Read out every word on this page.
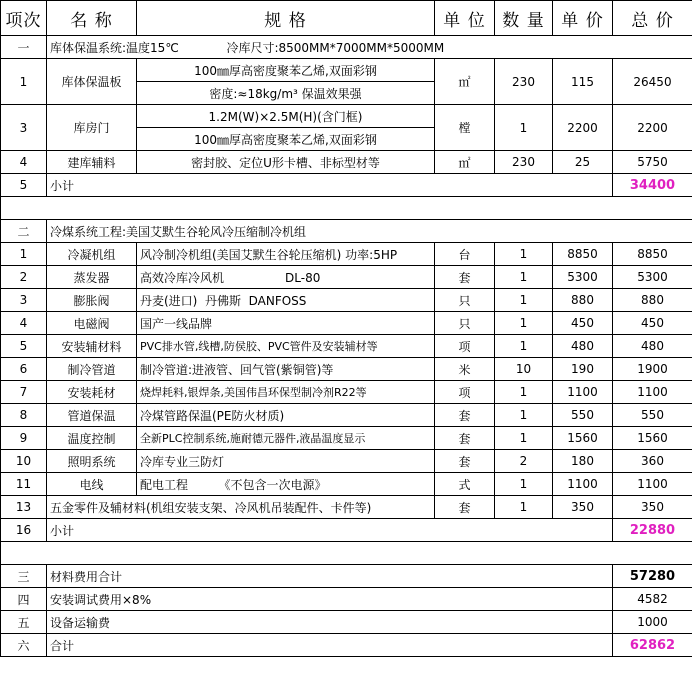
项次	名 称	规 格	单 位	数 量	单 价	总 价
一	库体保温系统:温度15℃ 冷库尺寸:8500MM*7000MM*5000MM					
1	库体保温板	100㎜厚高密度聚苯乙烯,双面彩钢	㎡	230	115	26450
		密度:≈18kg/m³ 保温效果强				
3	库房门	1.2M(W)×2.5M(H)(含门框)	樘	1	2200	2200
		100㎜厚高密度聚苯乙烯,双面彩钢				
4	建库辅料	密封胶、定位U形卡槽、非标型材等	㎡	230	25	5750
5	小计					34400

二	冷煤系统工程:美国艾默生谷轮风冷压缩制冷机组					
1	冷凝机组	风冷制冷机组(美国艾默生谷轮压缩机) 功率:5HP	台	1	8850	8850
2	蒸发器	高效冷库冷风机                DL-80	套	1	5300	5300
3	膨胀阀	丹麦(进口)  丹佛斯  DANFOSS	只	1	880	880
4	电磁阀	国产一线品牌	只	1	450	450
5	安装辅材料	PVC排水管,线槽,防侯胶、PVC管件及安装辅材等	项	1	480	480
6	制冷管道	制冷管道:进液管、回气管(紫铜管)等	米	10	190	1900
7	安装耗材	烧焊耗料,银焊条,美国伟昌环保型制冷剂R22等	项	1	1100	1100
8	管道保温	冷煤管路保温(PE防火材质)	套	1	550	550
9	温度控制	全新PLC控制系统,施耐德元器件,液晶温度显示	套	1	1560	1560
10	照明系统	冷库专业三防灯	套	2	180	360
11	电线	配电工程        《不包含一次电源》	式	1	1100	1100
13	五金零件及辅材料(机组安装支架、冷风机吊装配件、卡件等)		套	1	350	350
16	小计					22880

三	材料费用合计					57280
四	安装调试费用×8%					4582
五	设备运输费					1000
六	合计					62862
